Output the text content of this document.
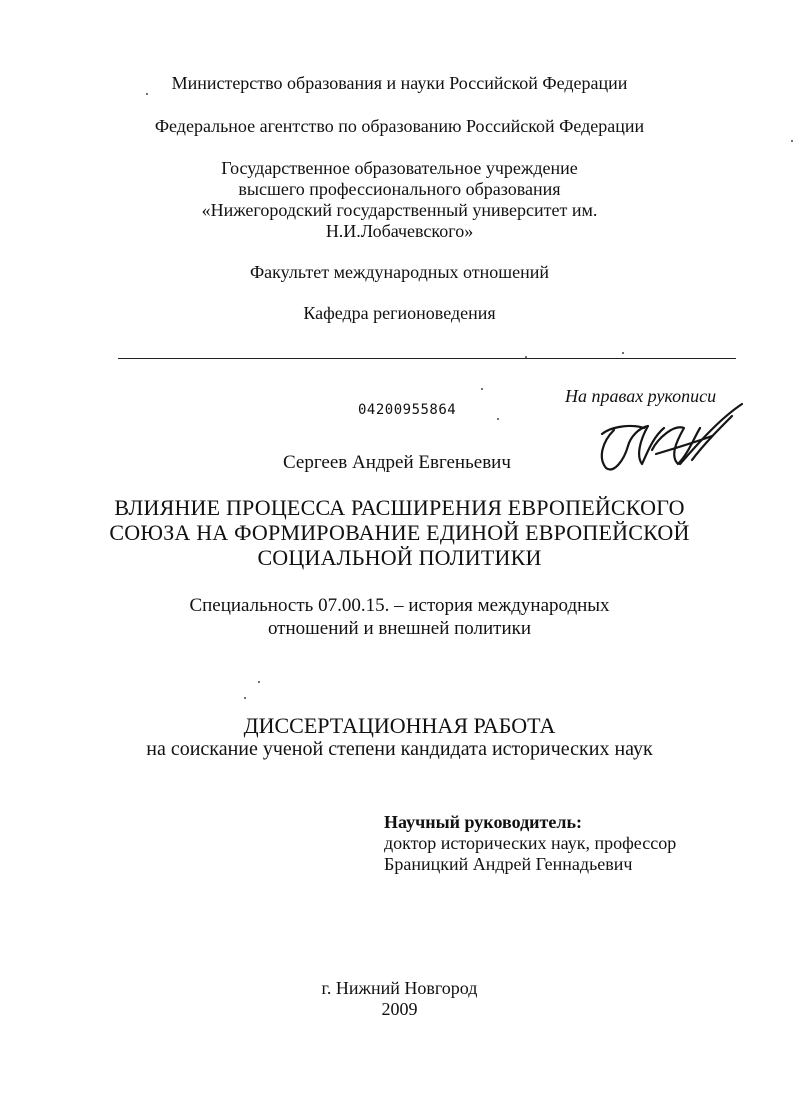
Министерство образования и науки Российской Федерации
Федеральное агентство по образованию Российской Федерации
Государственное образовательное учреждение
высшего профессионального образования
«Нижегородский государственный университет им.
Н.И.Лобачевского»
Факультет международных отношений
Кафедра регионоведения
На правах рукописи
04200955864
Сергеев Андрей Евгеньевич
ВЛИЯНИЕ ПРОЦЕССА РАСШИРЕНИЯ ЕВРОПЕЙСКОГО
СОЮЗА НА ФОРМИРОВАНИЕ ЕДИНОЙ ЕВРОПЕЙСКОЙ
СОЦИАЛЬНОЙ ПОЛИТИКИ
Специальность 07.00.15. – история международных
отношений и внешней политики
ДИССЕРТАЦИОННАЯ РАБОТА
на соискание ученой степени кандидата исторических наук
Научный руководитель:
доктор исторических наук, профессор
Браницкий Андрей Геннадьевич
г. Нижний Новгород
2009
